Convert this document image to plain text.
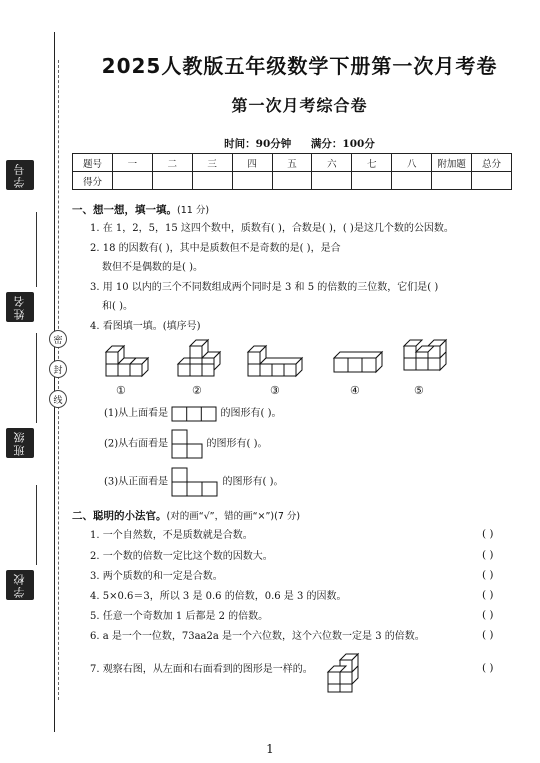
学号
姓名
班级
学校
密
封
线
2025人教版五年级数学下册第一次月考卷
第一次月考综合卷
时间：90分钟 满分：100分
题号	一	二	三	四	五	六	七	八	附加题	总分
得分										
一、想一想，填一填。(11 分)
1. 在 1，2，5，15 这四个数中，质数有( )，合数是( )，( )是这几个数的公因数。
2. 18 的因数有( )，其中是质数但不是奇数的是( )，是合
数但不是偶数的是( )。
3. 用 10 以内的三个不同数组成两个同时是 3 和 5 的倍数的三位数，它们是( )
和( )。
4. 看图填一填。(填序号)
①	②	③	④	⑤
(1)从上面看是	的图形有( )。
(2)从右面看是	的图形有( )。
(3)从正面看是	的图形有( )。
二、聪明的小法官。(对的画“√”，错的画“×”)(7 分)
1. 一个自然数，不是质数就是合数。	( )
2. 一个数的倍数一定比这个数的因数大。	( )
3. 两个质数的和一定是合数。	( )
4. 5×0.6＝3，所以 3 是 0.6 的倍数，0.6 是 3 的因数。	( )
5. 任意一个奇数加 1 后都是 2 的倍数。	( )
6. a 是一个一位数，73aa2a 是一个六位数，这个六位数一定是 3 的倍数。	( )
7. 观察右图，从左面和右面看到的图形是一样的。	( )
1
